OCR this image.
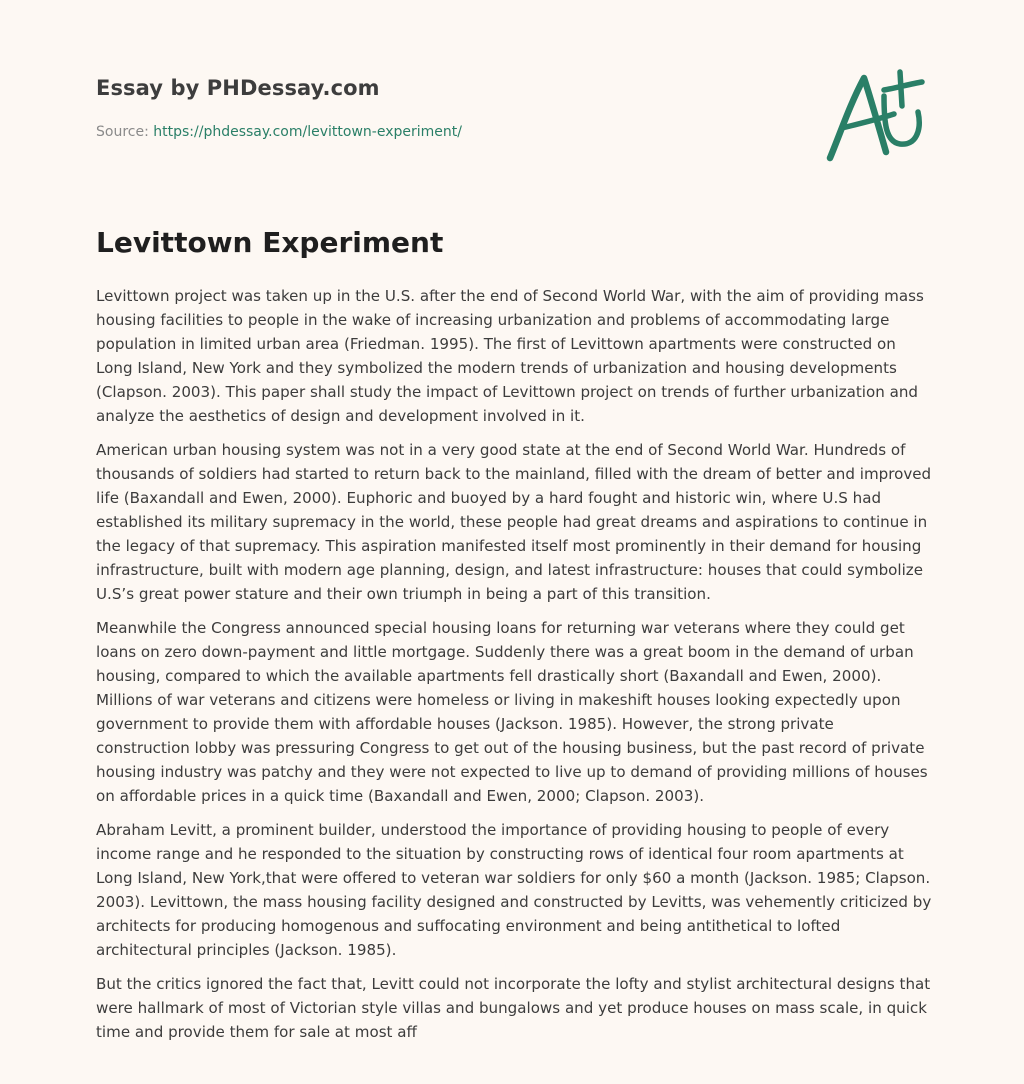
Essay by PHDessay.com
Source: https://phdessay.com/levittown-experiment/
Levittown Experiment

Levittown project was taken up in the U.S. after the end of Second World War, with the aim of providing mass housing facilities to people in the wake of increasing urbanization and problems of accommodating large population in limited urban area (Friedman. 1995). The first of Levittown apartments were constructed on Long Island, New York and they symbolized the modern trends of urbanization and housing developments (Clapson. 2003). This paper shall study the impact of Levittown project on trends of further urbanization and analyze the aesthetics of design and development involved in it.

American urban housing system was not in a very good state at the end of Second World War. Hundreds of thousands of soldiers had started to return back to the mainland, filled with the dream of better and improved life (Baxandall and Ewen, 2000). Euphoric and buoyed by a hard fought and historic win, where U.S had established its military supremacy in the world, these people had great dreams and aspirations to continue in the legacy of that supremacy. This aspiration manifested itself most prominently in their demand for housing infrastructure, built with modern age planning, design, and latest infrastructure: houses that could symbolize U.S’s great power stature and their own triumph in being a part of this transition.

Meanwhile the Congress announced special housing loans for returning war veterans where they could get loans on zero down-payment and little mortgage. Suddenly there was a great boom in the demand of urban housing, compared to which the available apartments fell drastically short (Baxandall and Ewen, 2000). Millions of war veterans and citizens were homeless or living in makeshift houses looking expectedly upon government to provide them with affordable houses (Jackson. 1985). However, the strong private construction lobby was pressuring Congress to get out of the housing business, but the past record of private housing industry was patchy and they were not expected to live up to demand of providing millions of houses on affordable prices in a quick time (Baxandall and Ewen, 2000; Clapson. 2003).

Abraham Levitt, a prominent builder, understood the importance of providing housing to people of every income range and he responded to the situation by constructing rows of identical four room apartments at Long Island, New York,that were offered to veteran war soldiers for only $60 a month (Jackson. 1985; Clapson. 2003). Levittown, the mass housing facility designed and constructed by Levitts, was vehemently criticized by architects for producing homogenous and suffocating environment and being antithetical to lofted architectural principles (Jackson. 1985).

But the critics ignored the fact that, Levitt could not incorporate the lofty and stylist architectural designs that were hallmark of most of Victorian style villas and bungalows and yet produce houses on mass scale, in quick time and provide them for sale at most aff
